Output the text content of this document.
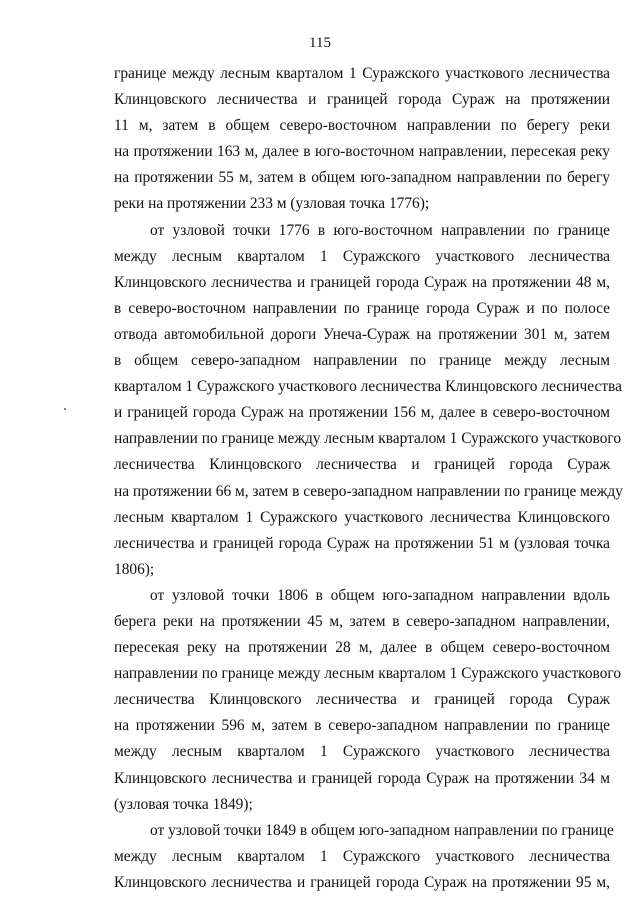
115
границе между лесным кварталом 1 Суражского участкового лесничества
Клинцовского лесничества и границей города Сураж на протяжении
11 м, затем в общем северо-восточном направлении по берегу реки
на протяжении 163 м, далее в юго-восточном направлении, пересекая реку
на протяжении 55 м, затем в общем юго-западном направлении по берегу
реки на протяжении 233 м (узловая точка 1776);
от узловой точки 1776 в юго-восточном направлении по границе
между лесным кварталом 1 Суражского участкового лесничества
Клинцовского лесничества и границей города Сураж на протяжении 48 м,
в северо-восточном направлении по границе города Сураж и по полосе
отвода автомобильной дороги Унеча-Сураж на протяжении 301 м, затем
в общем северо-западном направлении по границе между лесным
кварталом 1 Суражского участкового лесничества Клинцовского лесничества
и границей города Сураж на протяжении 156 м, далее в северо-восточном
направлении по границе между лесным кварталом 1 Суражского участкового
лесничества Клинцовского лесничества и границей города Сураж
на протяжении 66 м, затем в северо-западном направлении по границе между
лесным кварталом 1 Суражского участкового лесничества Клинцовского
лесничества и границей города Сураж на протяжении 51 м (узловая точка
1806);
от узловой точки 1806 в общем юго-западном направлении вдоль
берега реки на протяжении 45 м, затем в северо-западном направлении,
пересекая реку на протяжении 28 м, далее в общем северо-восточном
направлении по границе между лесным кварталом 1 Суражского участкового
лесничества Клинцовского лесничества и границей города Сураж
на протяжении 596 м, затем в северо-западном направлении по границе
между лесным кварталом 1 Суражского участкового лесничества
Клинцовского лесничества и границей города Сураж на протяжении 34 м
(узловая точка 1849);
от узловой точки 1849 в общем юго-западном направлении по границе
между лесным кварталом 1 Суражского участкового лесничества
Клинцовского лесничества и границей города Сураж на протяжении 95 м,
